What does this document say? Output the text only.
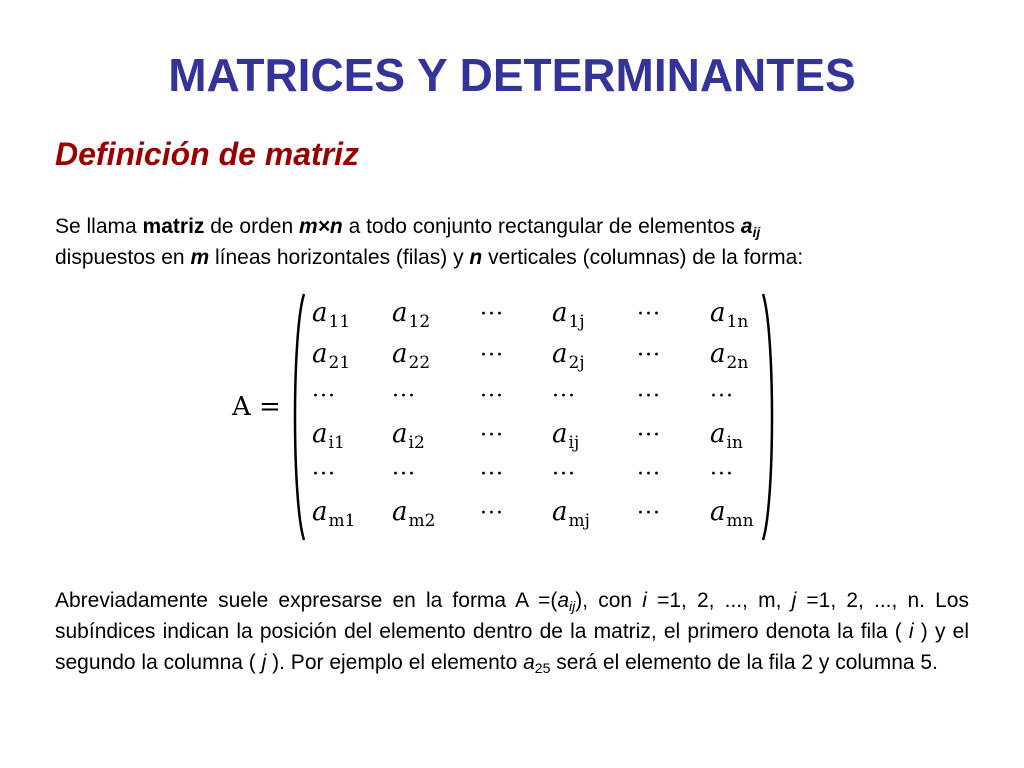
MATRICES Y DETERMINANTES
Definición de matriz
Se llama matriz de orden m×n a todo conjunto rectangular de elementos $a_{ij}$
dispuestos en m líneas horizontales (filas) y n verticales (columnas) de la forma:
A =
$a_{11}$ $a_{12}$ ··· $a_{1j}$ ··· $a_{1n}$
$a_{21}$ $a_{22}$ ··· $a_{2j}$ ··· $a_{2n}$
···	···	··· ···	··· ···
$a_{i1}$ $a_{i2}$	··· $a_{ij}$	··· $a_{in}$
···	···	··· ···	··· ···
$a_{m1}$ $a_{m2}$ ··· $a_{mj}$ ··· $a_{mn}$
Abreviadamente suele expresarse en la forma $A =(a_{ij})$, con i =1, 2, ..., m, j =1, 2, ..., n. Los subíndices indican la posición del elemento dentro de la matriz, el primero denota la fila ( i ) y el segundo la columna ( j ). Por ejemplo el elemento $a_{25}$ será el elemento de la fila 2 y columna 5.
